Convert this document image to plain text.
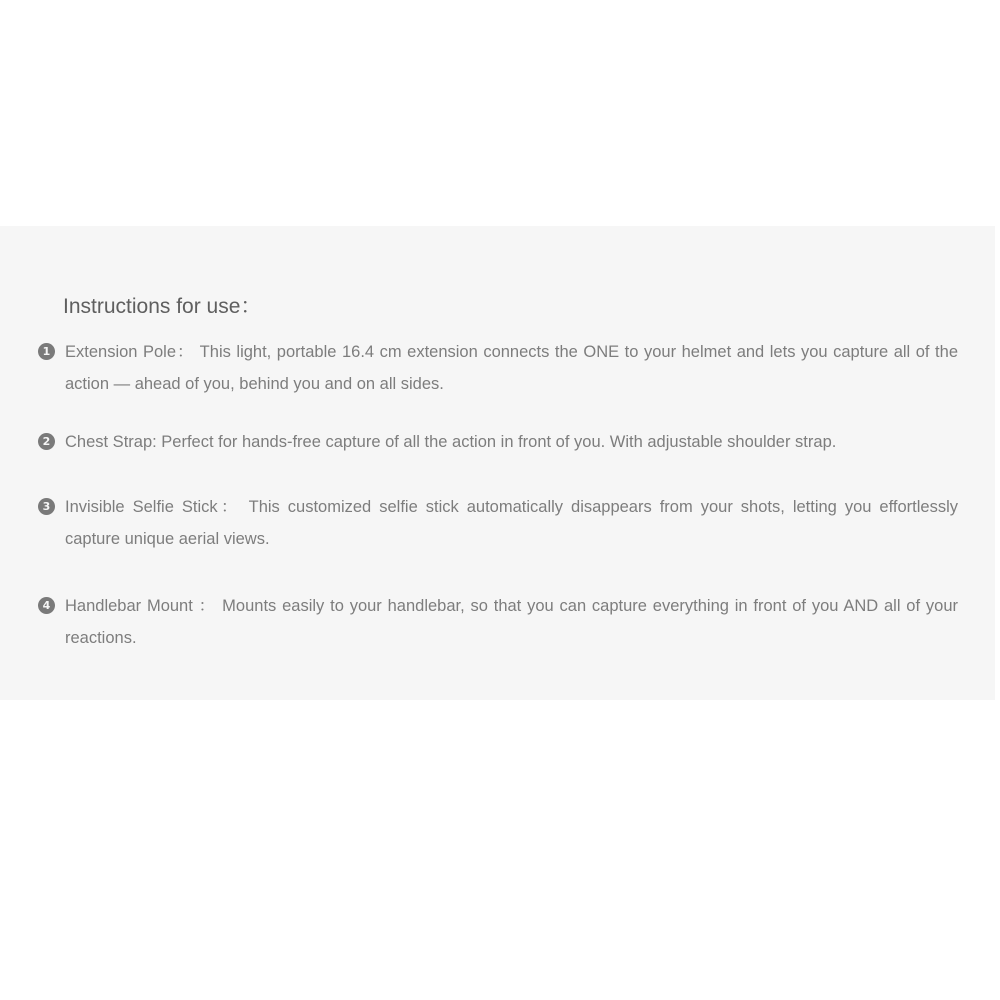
Instructions for use：
1 Extension Pole： This light, portable 16.4 cm extension connects the ONE to your helmet and lets you capture all of the action — ahead of you, behind you and on all sides.
2 Chest Strap: Perfect for hands-free capture of all the action in front of you. With adjustable shoulder strap.
3 Invisible Selfie Stick： This customized selfie stick automatically disappears from your shots, letting you effortlessly capture unique aerial views.
4 Handlebar Mount ： Mounts easily to your handlebar, so that you can capture everything in front of you AND all of your reactions.
